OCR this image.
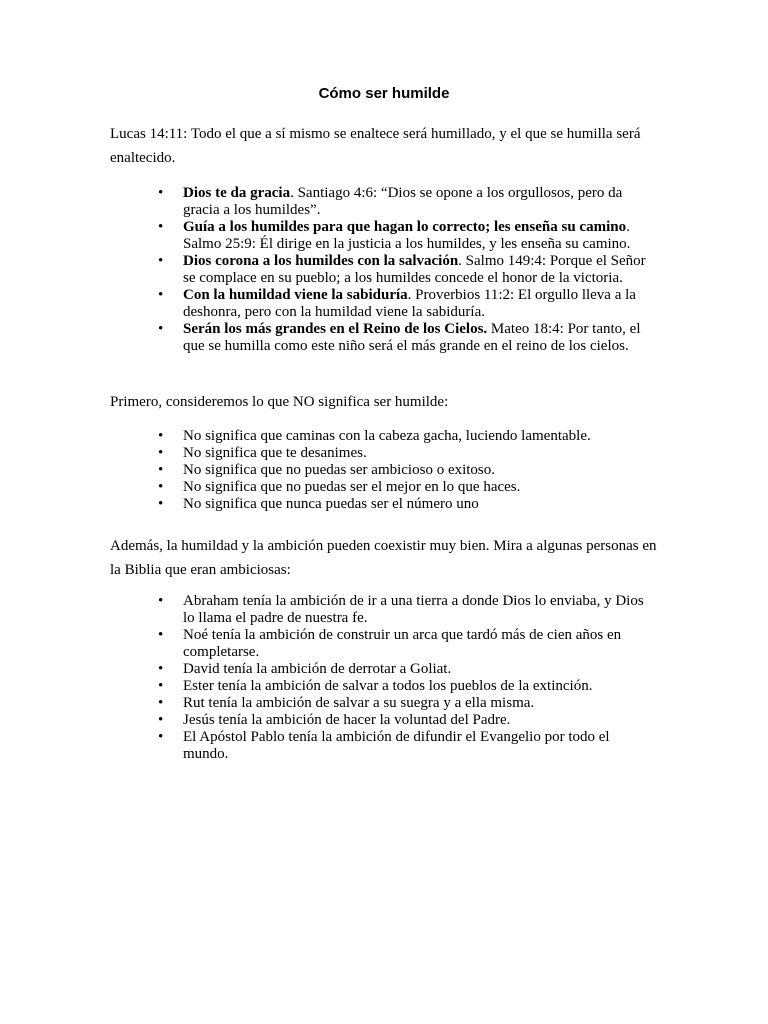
Cómo ser humilde

Lucas 14:11: Todo el que a sí mismo se enaltece será humillado, y el que se humilla será enaltecido.

• Dios te da gracia. Santiago 4:6: “Dios se opone a los orgullosos, pero da gracia a los humildes”.
• Guía a los humildes para que hagan lo correcto; les enseña su camino. Salmo 25:9: Él dirige en la justicia a los humildes, y les enseña su camino.
• Dios corona a los humildes con la salvación. Salmo 149:4: Porque el Señor se complace en su pueblo; a los humildes concede el honor de la victoria.
• Con la humildad viene la sabiduría. Proverbios 11:2: El orgullo lleva a la deshonra, pero con la humildad viene la sabiduría.
• Serán los más grandes en el Reino de los Cielos. Mateo 18:4: Por tanto, el que se humilla como este niño será el más grande en el reino de los cielos.

Primero, consideremos lo que NO significa ser humilde:

• No significa que caminas con la cabeza gacha, luciendo lamentable.
• No significa que te desanimes.
• No significa que no puedas ser ambicioso o exitoso.
• No significa que no puedas ser el mejor en lo que haces.
• No significa que nunca puedas ser el número uno

Además, la humildad y la ambición pueden coexistir muy bien. Mira a algunas personas en la Biblia que eran ambiciosas:

• Abraham tenía la ambición de ir a una tierra a donde Dios lo enviaba, y Dios lo llama el padre de nuestra fe.
• Noé tenía la ambición de construir un arca que tardó más de cien años en completarse.
• David tenía la ambición de derrotar a Goliat.
• Ester tenía la ambición de salvar a todos los pueblos de la extinción.
• Rut tenía la ambición de salvar a su suegra y a ella misma.
• Jesús tenía la ambición de hacer la voluntad del Padre.
• El Apóstol Pablo tenía la ambición de difundir el Evangelio por todo el mundo.
